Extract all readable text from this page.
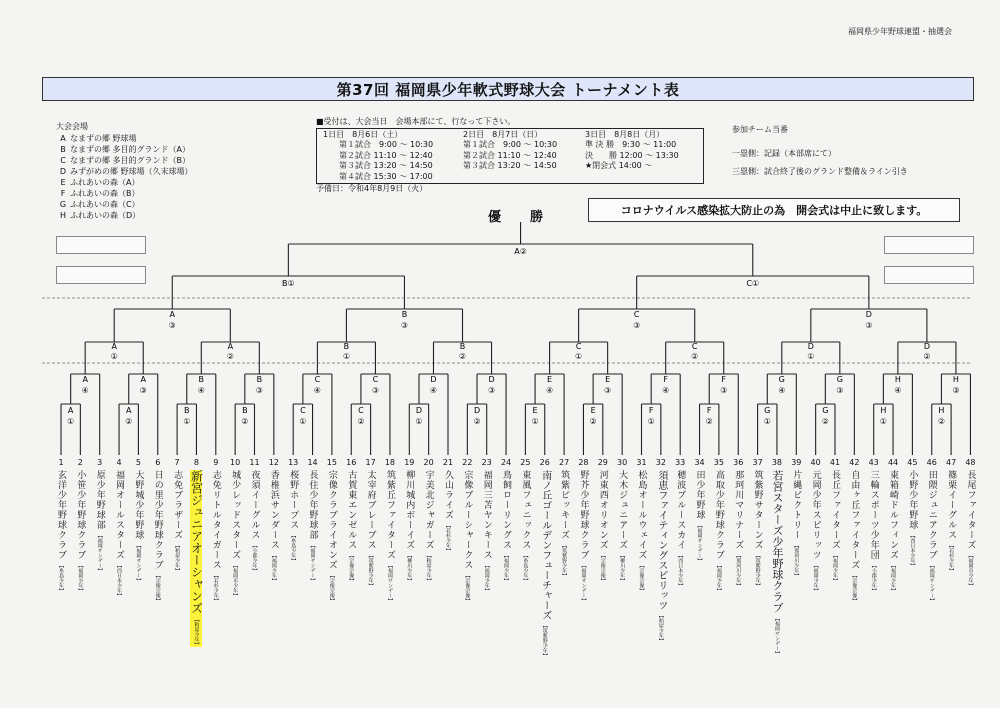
福岡県少年野球連盟・抽選会
第37回 福岡県少年軟式野球大会 トーナメント表
大会会場
A なまずの郷 野球場
B なまずの郷 多目的グランド（A）
C なまずの郷 多目的グランド（B）
D みずがめの郷 野球場（久末球場）
E ふれあいの森（A）
F ふれあいの森（B）
G ふれあいの森（C）
H ふれあいの森（D）
■受付は、大会当日　会場本部にて、行なって下さい。
1日目　8月6日（土）
　　第１試合　9:00 〜 10:30
　　第２試合 11:10 〜 12:40
　　第３試合 13:20 〜 14:50
　　第４試合 15:30 〜 17:00
2日目　8月7日（日）
第１試合　9:00 〜 10:30
第２試合 11:10 〜 12:40
第３試合 13:20 〜 14:50
3日目　8月8日（月）
準 決 勝　9:30 〜 11:00
決　　勝 12:00 〜 13:30
★閉会式 14:00 〜
予備日：令和4年8月9日（火）
参加チーム当番
一塁側：記録（本部席にて）
三塁側：試合終了後のグランド整備＆ライン引き
優　勝	コロナウイルス感染拡大防止の為　開会式は中止に致します。
A
①
A
②
A
④
A
③
A
①
B
①
B
②
B
④
B
③
A
②
C
①
C
②
C
④
C
③
B
①
D
①
D
②
D
④
D
③
B
②
E
①
E
②
E
④
E
③
C
①
F
①
F
②
F
④
F
③
C
②
G
①
G
②
G
④
G
③
D
①
H
①
H
②
H
④
H
③
D
②
A
③
B
③
C
③
D
③
B①	C①
A②
1
玄洋少年野球クラブ【糸島少年】
2
小笹少年野球クラブ【福岡少年】
3
原少年野球部【福岡サンデー】
4
福岡オールスターズ【西日本少年】
5
大野城少年野球【福岡サンデー】
6
日の里少年野球クラブ【宗像宗像】
7
志免ブラザーズ【粕屋少年】
8
新宮ジュニアオーシャンズ【粕屋少年】
9
志免リトルタイガース【若杉少年】
10
城少レッドスターズ【福岡市少年】
11
夜須イーグルス【小郡少年】
12
香椎浜サンダース【福岡少年】
13
桜野ホープス【糸島少年】
14
長住少年野球部【福岡サンデー】
15
宗像クラブライオンズ【宗像宗像】
16
古賀東エンゼルス【宗像宗像】
17
太宰府ブレーブス【筑紫野少年】
18
筑紫丘ファイターズ【福岡サンデー】
19
柳川城内ボーイズ【柳川少年】
20
宇美北ジャガーズ【粕屋少年】
21
久山ライズ【若杉少年】
22
宗像ブルーシャークス【宗像宗像】
23
福岡三苫ヤンキース【福岡少年】
24
鳥飼ローリングス【福岡少年】
25
東風フェニックス【糸島少年】
26
南ノ丘ゴールデンフューチャーズ【筑紫野少年】
27
筑紫ピッキーズ【筑紫野少年】
28
野芥少年野球クラブ【福岡サンデー】
29
河東西オリオンズ【宗像宗像】
30
大木ジュニアーズ【柳川少年】
31
松島オールウェイズ【宗像宗像】
32
須恵ファイティングスピリッツ【粕屋少年】
33
穂波ブルースカイ【西日本少年】
34
田少年野球【福岡サンデー】
35
高取少年野球クラブ【福岡少年】
36
那珂川マリナーズ【那珂川少年】
37
筑紫野サターンズ【筑紫野少年】
38
若宮スターズ少年野球クラブ【福岡サンデー】
39
片縄ビクトリー【那珂川少年】
40
元岡少年スピリッツ【福岡少年】
41
長丘ファイターズ【福岡少年】
42
自由ヶ丘ファイターズ【宗像宗像】
43
三輪スポーツ少年団【小郡少年】
44
東箱崎ドルフィンズ【福岡少年】
45
小野少年野球【西日本少年】
46
田隈ジュニアクラブ【福岡サンデー】
47
篠栗イーグルス【若杉少年】
48
長尾ファイターズ【福岡市少年】
